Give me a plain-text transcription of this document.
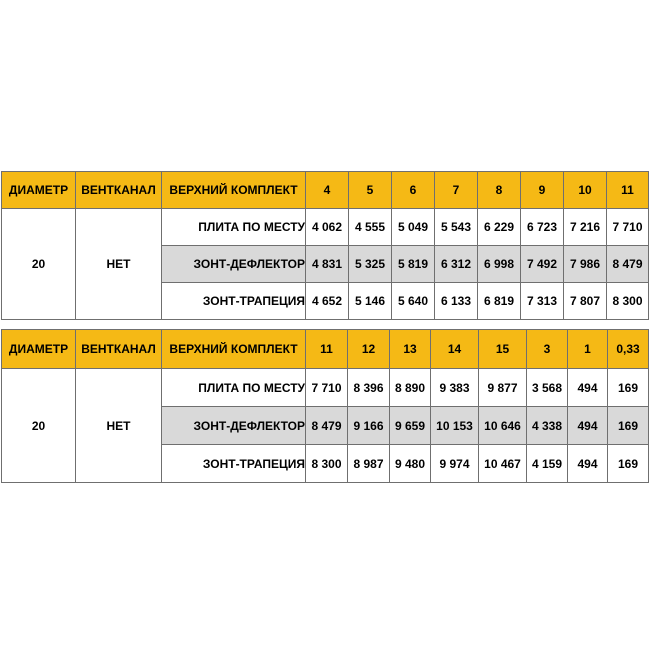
ДИАМЕТР	ВЕНТКАНАЛ	ВЕРХНИЙ КОМПЛЕКТ	4	5	6	7	8	9	10	11
20	НЕТ	ПЛИТА ПО МЕСТУ	4 062	4 555	5 049	5 543	6 229	6 723	7 216	7 710
		ЗОНТ-ДЕФЛЕКТОР	4 831	5 325	5 819	6 312	6 998	7 492	7 986	8 479
		ЗОНТ-ТРАПЕЦИЯ	4 652	5 146	5 640	6 133	6 819	7 313	7 807	8 300
ДИАМЕТР	ВЕНТКАНАЛ	ВЕРХНИЙ КОМПЛЕКТ	11	12	13	14	15	3	1	0,33
20	НЕТ	ПЛИТА ПО МЕСТУ	7 710	8 396	8 890	9 383	9 877	3 568	494	169
		ЗОНТ-ДЕФЛЕКТОР	8 479	9 166	9 659	10 153	10 646	4 338	494	169
		ЗОНТ-ТРАПЕЦИЯ	8 300	8 987	9 480	9 974	10 467	4 159	494	169
